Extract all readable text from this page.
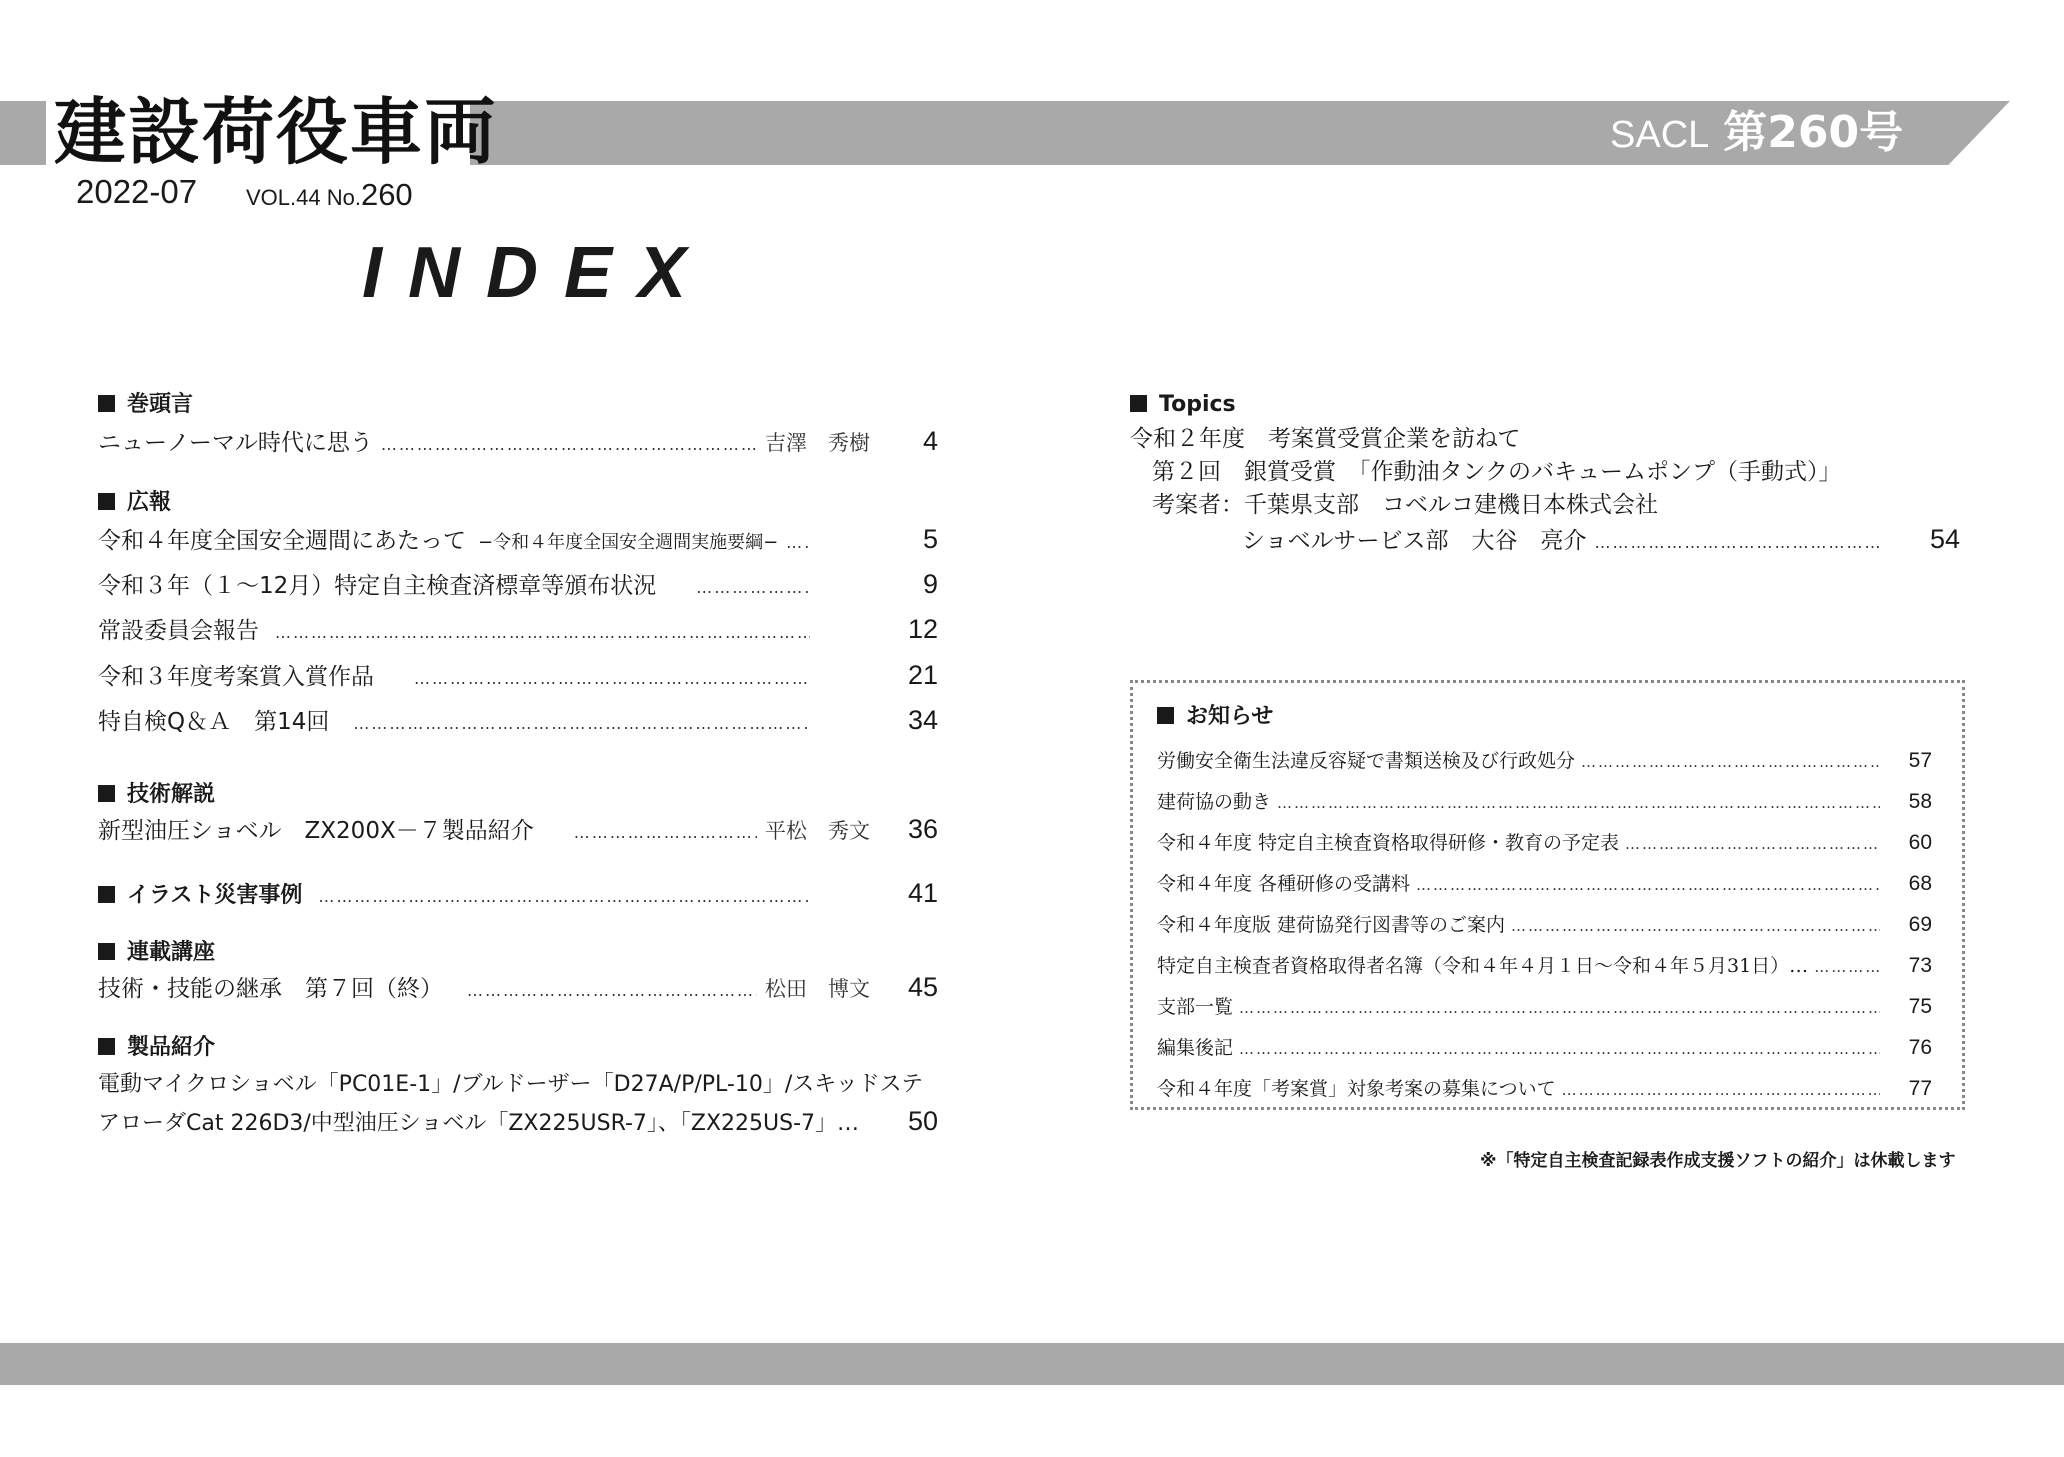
建設荷役車両	SACL 第260号
2022-07 VOL.44 No.260
INDEX
巻頭言
ニューノーマル時代に思う …………………………………………………………………………………………………………………………………………………………………………………………………	吉澤　秀樹	4
広報
令和４年度全国安全週間にあたって −令和４年度全国安全週間実施要綱− …………………………………………………………………………………………………………………………………………………………………………………………………	5
令和３年（１～12月）特定自主検査済標章等頒布状況 …………………………………………………………………………………………………………………………………………………………………………………………………	9
常設委員会報告 …………………………………………………………………………………………………………………………………………………………………………………………………	12
令和３年度考案賞入賞作品 …………………………………………………………………………………………………………………………………………………………………………………………………	21
特自検Q＆Ａ　第14回 …………………………………………………………………………………………………………………………………………………………………………………………………	34
技術解説
新型油圧ショベル　ZX200X－７製品紹介 …………………………………………………………………………………………………………………………………………………………………………………………………	平松　秀文	36
イラスト災害事例 …………………………………………………………………………………………………………………………………………………………………………………………………	41
連載講座
技術・技能の継承　第７回（終） …………………………………………………………………………………………………………………………………………………………………………………………………	松田　博文	45
製品紹介
電動マイクロショベル「PC01E-1」/ブルドーザー「D27A/P/PL-10」/スキッドステ
アローダCat 226D3/中型油圧ショベル「ZX225USR-7」、「ZX225US-7」…	50
Topics
令和２年度　考案賞受賞企業を訪ねて
第２回　銀賞受賞　「作動油タンクのバキュームポンプ（手動式）」
考案者：千葉県支部　コベルコ建機日本株式会社
ショベルサービス部　大谷　亮介 …………………………………………………………………………………………………………………………………………………………………………………………………	54
お知らせ
労働安全衛生法違反容疑で書類送検及び行政処分 …………………………………………………………………………………………………………………………………………………………………………………………………	57
建荷協の動き …………………………………………………………………………………………………………………………………………………………………………………………………	58
令和４年度 特定自主検査資格取得研修・教育の予定表 …………………………………………………………………………………………………………………………………………………………………………………………………	60
令和４年度 各種研修の受講料 …………………………………………………………………………………………………………………………………………………………………………………………………	68
令和４年度版 建荷協発行図書等のご案内 …………………………………………………………………………………………………………………………………………………………………………………………………	69
特定自主検査者資格取得者名簿（令和４年４月１日～令和４年５月31日）… …………………………………………………………………………………………………………………………………………………………………………………………………	73
支部一覧 …………………………………………………………………………………………………………………………………………………………………………………………………	75
編集後記 …………………………………………………………………………………………………………………………………………………………………………………………………	76
令和４年度「考案賞」対象考案の募集について …………………………………………………………………………………………………………………………………………………………………………………………………	77
※「特定自主検査記録表作成支援ソフトの紹介」は休載します
